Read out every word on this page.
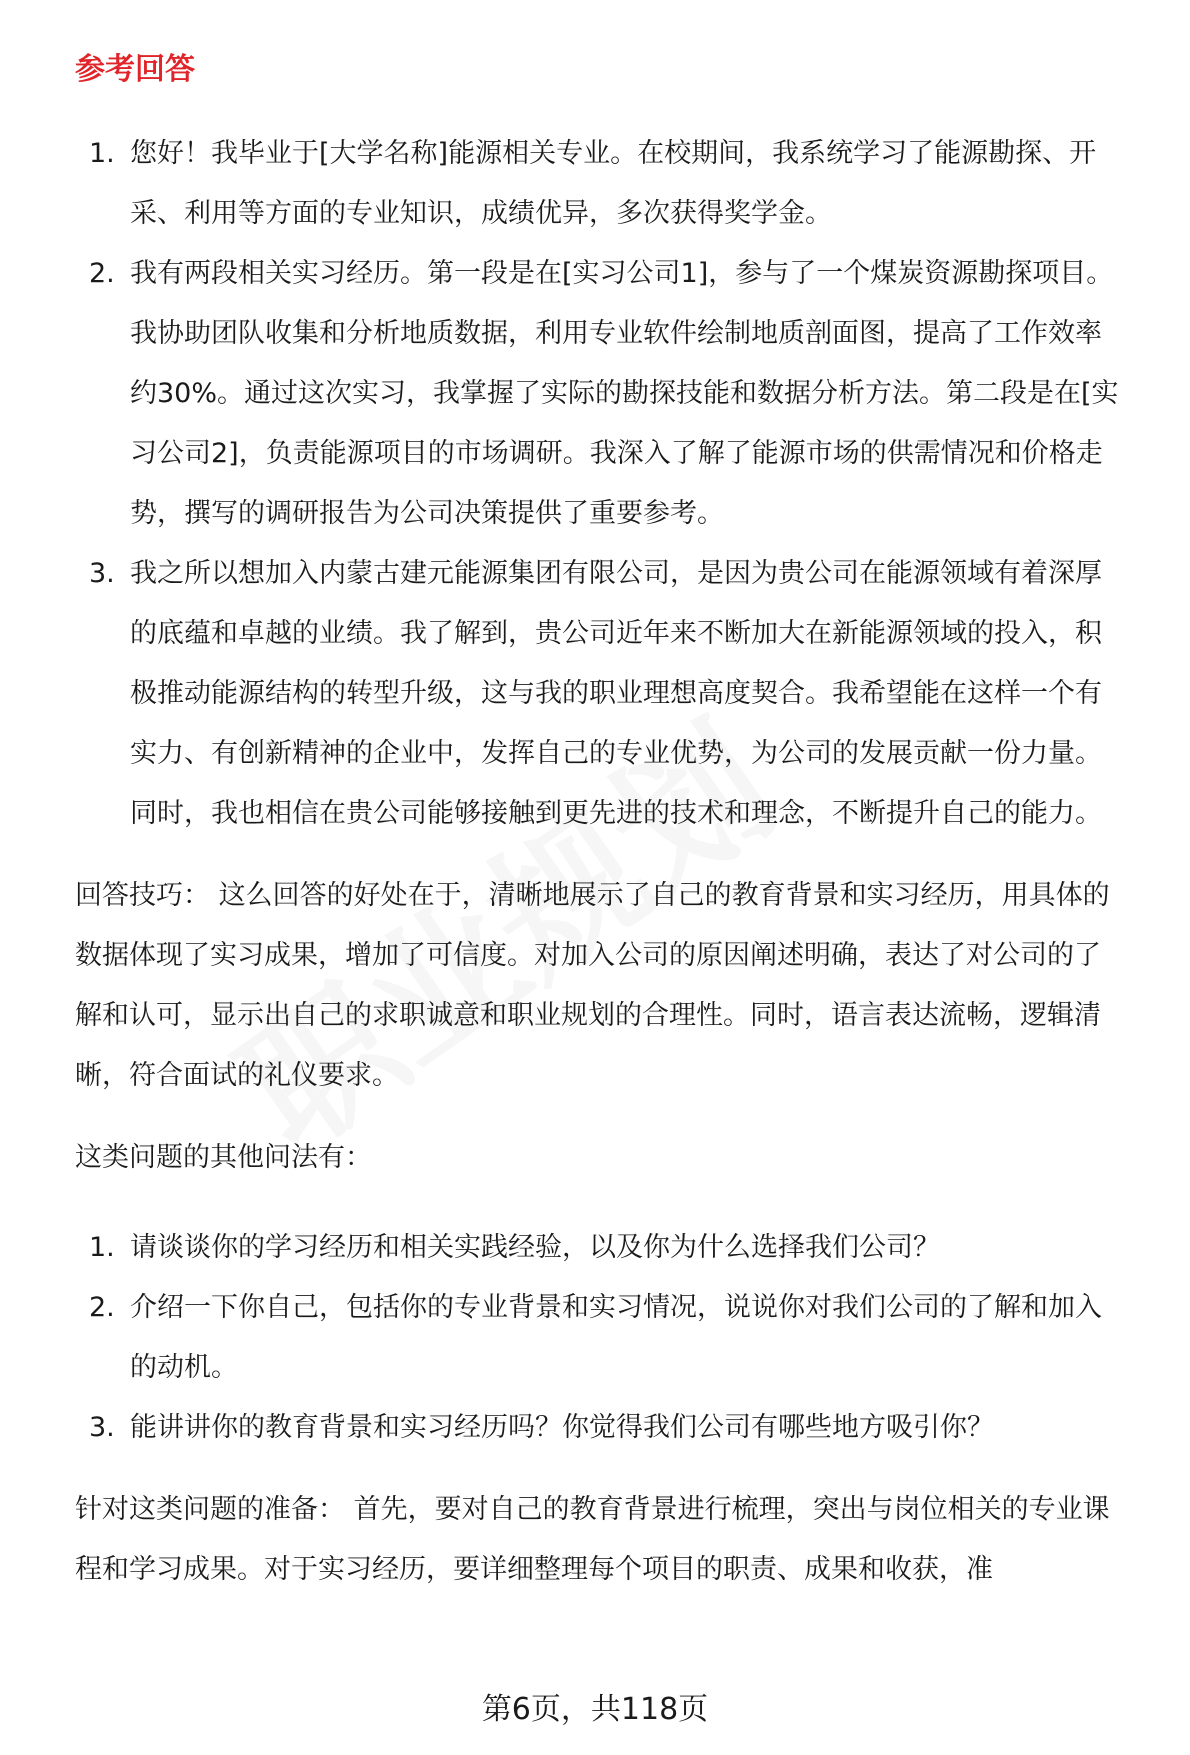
参考回答
1. 您好！我毕业于[大学名称]能源相关专业。在校期间，我系统学习了能源勘探、开采、利用等方面的专业知识，成绩优异，多次获得奖学金。
2. 我有两段相关实习经历。第一段是在[实习公司1]，参与了一个煤炭资源勘探项目。我协助团队收集和分析地质数据，利用专业软件绘制地质剖面图，提高了工作效率约30%。通过这次实习，我掌握了实际的勘探技能和数据分析方法。第二段是在[实习公司2]，负责能源项目的市场调研。我深入了解了能源市场的供需情况和价格走势，撰写的调研报告为公司决策提供了重要参考。
3. 我之所以想加入内蒙古建元能源集团有限公司，是因为贵公司在能源领域有着深厚的底蕴和卓越的业绩。我了解到，贵公司近年来不断加大在新能源领域的投入，积极推动能源结构的转型升级，这与我的职业理想高度契合。我希望能在这样一个有实力、有创新精神的企业中，发挥自己的专业优势，为公司的发展贡献一份力量。同时，我也相信在贵公司能够接触到更先进的技术和理念，不断提升自己的能力。

回答技巧： 这么回答的好处在于，清晰地展示了自己的教育背景和实习经历，用具体的数据体现了实习成果，增加了可信度。对加入公司的原因阐述明确，表达了对公司的了解和认可，显示出自己的求职诚意和职业规划的合理性。同时，语言表达流畅，逻辑清晰，符合面试的礼仪要求。

这类问题的其他问法有：

1. 请谈谈你的学习经历和相关实践经验，以及你为什么选择我们公司？
2. 介绍一下你自己，包括你的专业背景和实习情况，说说你对我们公司的了解和加入的动机。
3. 能讲讲你的教育背景和实习经历吗？你觉得我们公司有哪些地方吸引你？

针对这类问题的准备： 首先，要对自己的教育背景进行梳理，突出与岗位相关的专业课程和学习成果。对于实习经历，要详细整理每个项目的职责、成果和收获，准

第6页，共118页
